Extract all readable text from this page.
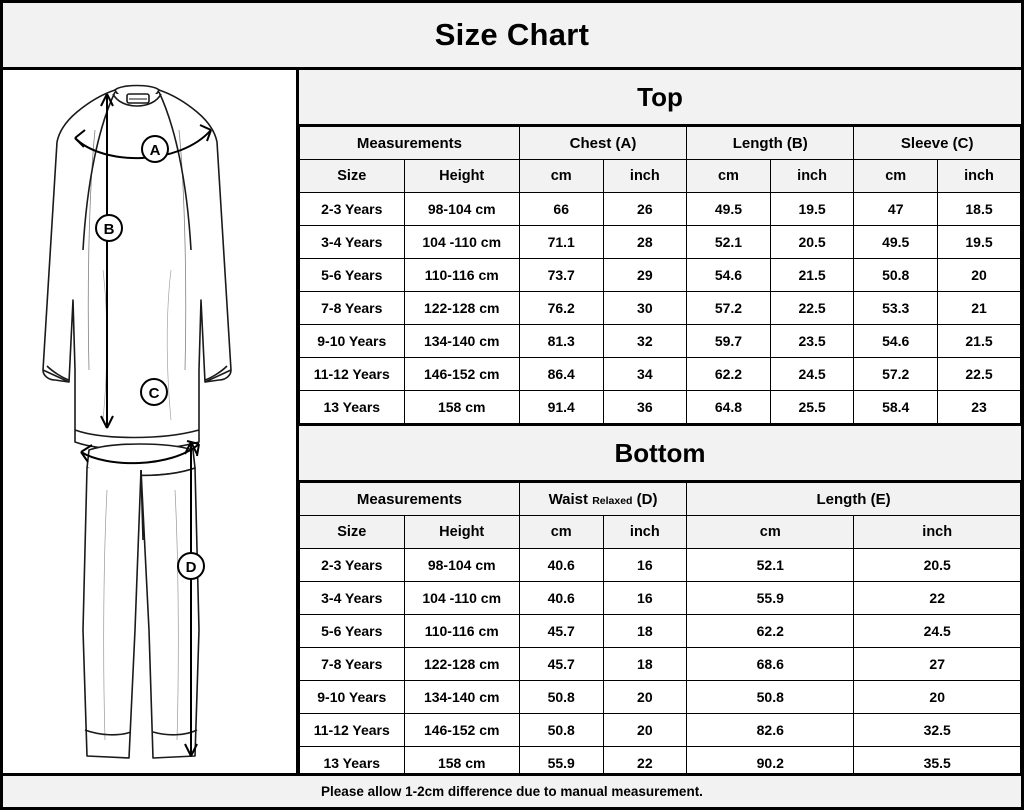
Size Chart
A
B
C
D
Top
Measurements		Chest (A)		Length (B)		Sleeve (C)	
Size	Height	cm	inch	cm	inch	cm	inch
2-3 Years	98-104 cm	66	26	49.5	19.5	47	18.5
3-4 Years	104 -110 cm	71.1	28	52.1	20.5	49.5	19.5
5-6 Years	110-116 cm	73.7	29	54.6	21.5	50.8	20
7-8 Years	122-128 cm	76.2	30	57.2	22.5	53.3	21
9-10 Years	134-140 cm	81.3	32	59.7	23.5	54.6	21.5
11-12 Years	146-152 cm	86.4	34	62.2	24.5	57.2	22.5
13 Years	158 cm	91.4	36	64.8	25.5	58.4	23
Bottom
Measurements		Waist Relaxed (D)		Length (E)	
Size	Height	cm	inch	cm	inch
2-3 Years	98-104 cm	40.6	16	52.1	20.5
3-4 Years	104 -110 cm	40.6	16	55.9	22
5-6 Years	110-116 cm	45.7	18	62.2	24.5
7-8 Years	122-128 cm	45.7	18	68.6	27
9-10 Years	134-140 cm	50.8	20	50.8	20
11-12 Years	146-152 cm	50.8	20	82.6	32.5
13 Years	158 cm	55.9	22	90.2	35.5
Please allow 1-2cm difference due to manual measurement.
